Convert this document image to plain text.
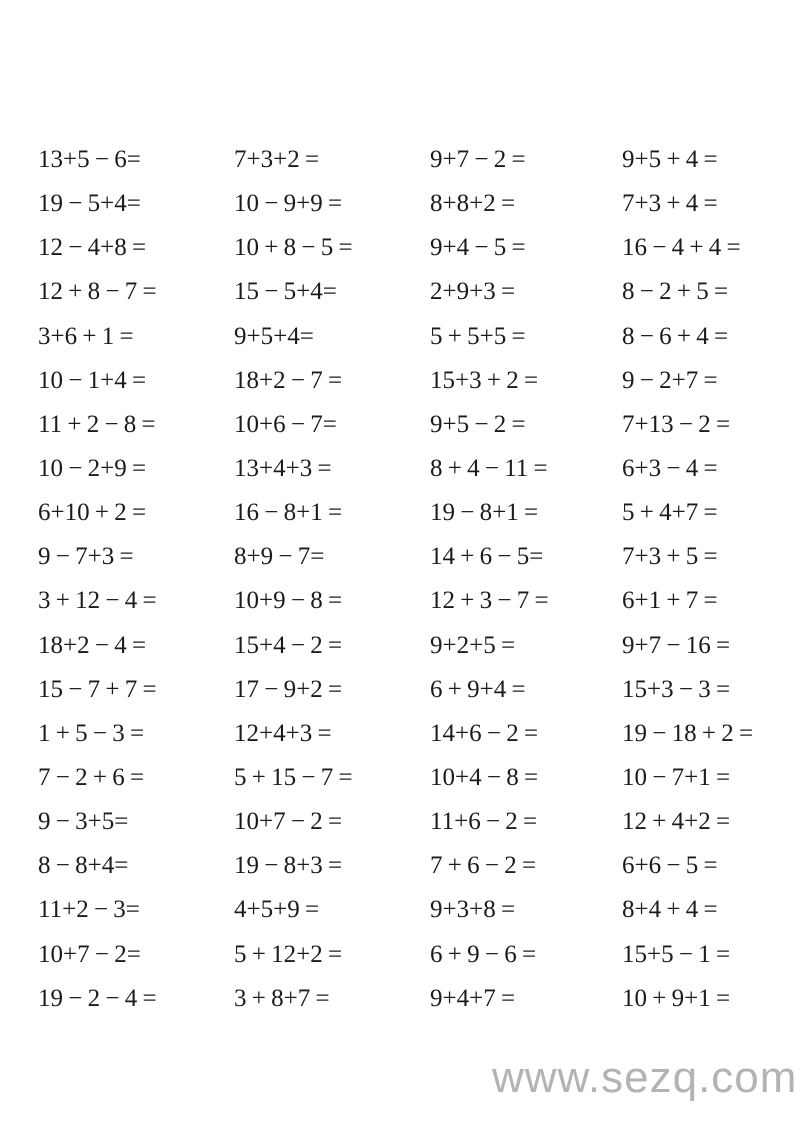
13+5 − 6=	7+3+2 =	9+7 − 2 =	9+5 + 4 =
19 − 5+4=	10 − 9+9 =	8+8+2 =	7+3 + 4 =
12 − 4+8 =	10 + 8 − 5 =	9+4 − 5 =	16 − 4 + 4 =
12 + 8 − 7 =	15 − 5+4=	2+9+3 =	8 − 2 + 5 =
3+6 + 1 =	9+5+4=	5 + 5+5 =	8 − 6 + 4 =
10 − 1+4 =	18+2 − 7 =	15+3 + 2 =	9 − 2+7 =
11 + 2 − 8 =	10+6 − 7=	9+5 − 2 =	7+13 − 2 =
10 − 2+9 =	13+4+3 =	8 + 4 − 11 =	6+3 − 4 =
6+10 + 2 =	16 − 8+1 =	19 − 8+1 =	5 + 4+7 =
9 − 7+3 =	8+9 − 7=	14 + 6 − 5=	7+3 + 5 =
3 + 12 − 4 =	10+9 − 8 =	12 + 3 − 7 =	6+1 + 7 =
18+2 − 4 =	15+4 − 2 =	9+2+5 =	9+7 − 16 =
15 − 7 + 7 =	17 − 9+2 =	6 + 9+4 =	15+3 − 3 =
1 + 5 − 3 =	12+4+3 =	14+6 − 2 =	19 − 18 + 2 =
7 − 2 + 6 =	5 + 15 − 7 =	10+4 − 8 =	10 − 7+1 =
9 − 3+5=	10+7 − 2 =	11+6 − 2 =	12 + 4+2 =
8 − 8+4=	19 − 8+3 =	7 + 6 − 2 =	6+6 − 5 =
11+2 − 3=	4+5+9 =	9+3+8 =	8+4 + 4 =
10+7 − 2=	5 + 12+2 =	6 + 9 − 6 =	15+5 − 1 =
19 − 2 − 4 =	3 + 8+7 =	9+4+7 =	10 + 9+1 =
www.sezq.com
